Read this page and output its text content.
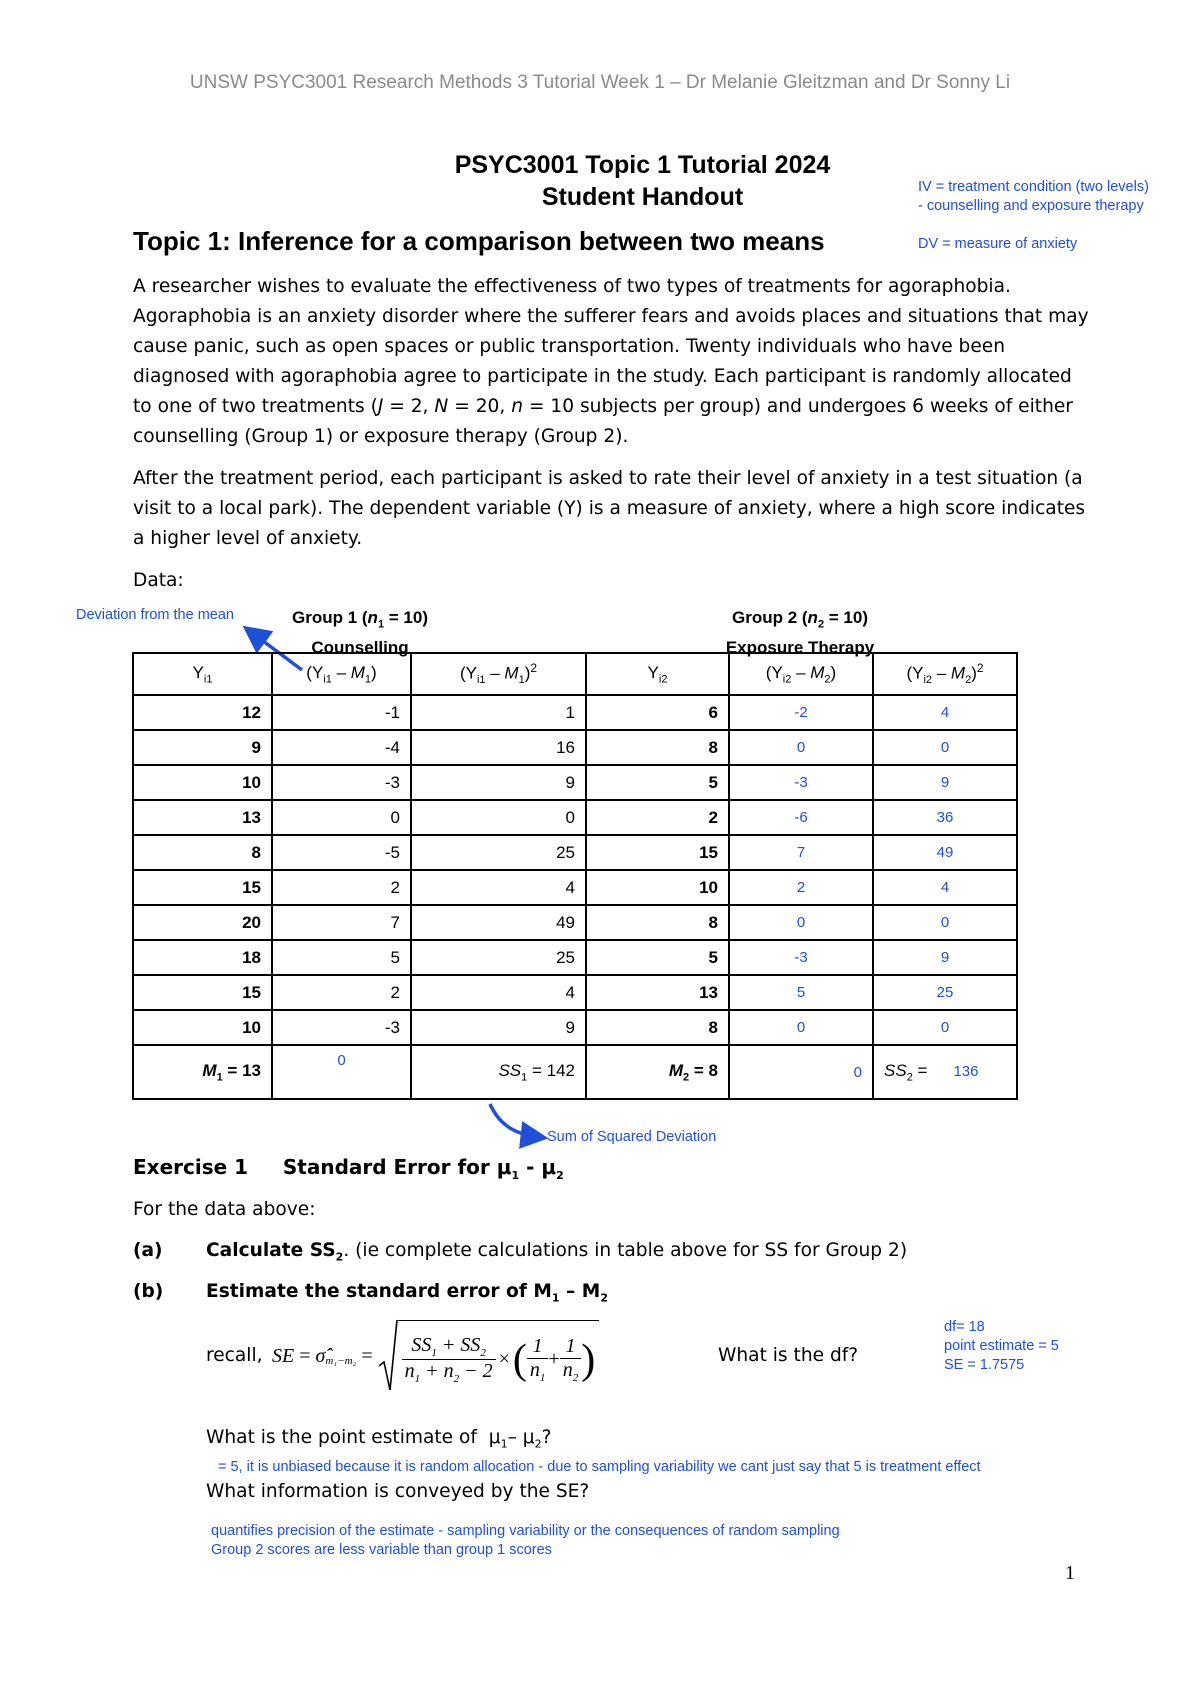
UNSW PSYC3001 Research Methods 3 Tutorial Week 1 – Dr Melanie Gleitzman and Dr Sonny Li
PSYC3001 Topic 1 Tutorial 2024
Student Handout	IV = treatment condition (two levels)
- counselling and exposure therapy
DV = measure of anxiety
Topic 1: Inference for a comparison between two means

A researcher wishes to evaluate the effectiveness of two types of treatments for agoraphobia. Agoraphobia is an anxiety disorder where the sufferer fears and avoids places and situations that may cause panic, such as open spaces or public transportation. Twenty individuals who have been diagnosed with agoraphobia agree to participate in the study. Each participant is randomly allocated to one of two treatments (J = 2, N = 20, n = 10 subjects per group) and undergoes 6 weeks of either counselling (Group 1) or exposure therapy (Group 2).

After the treatment period, each participant is asked to rate their level of anxiety in a test situation (a visit to a local park). The dependent variable (Y) is a measure of anxiety, where a high score indicates a higher level of anxiety.

Data:

Deviation from the mean	Group 1 $(n_1 = 10)$
Counselling
Group 2 $(n_2 = 10)$
Exposure Therapy
$Y_{i1}$	$(Y_{i1} - M_1)$	$(Y_{i1} - M_1)^2$	$Y_{i2}$	$(Y_{i2} - M_2)$	$(Y_{i2} - M_2)^2$
12	-1	1	6	-2	4
9	-4	16	8	0	0
10	-3	9	5	-3	9
13	0	0	2	-6	36
8	-5	25	15	7	49
15	2	4	10	2	4
20	7	49	8	0	0
18	5	25	5	-3	9
15	2	4	13	5	25
10	-3	9	8	0	0
$M_1 = 13$	0	$SS_1 = 142$	$M_2 = 8$	0	$SS_2 = 136$
Sum of Squared Deviation
Exercise 1     Standard Error for $\mu_1 - \mu_2$
For the data above:
(a) Calculate $SS_2$. (ie complete calculations in table above for SS for Group 2)
(b) Estimate the standard error of $M_1 - M_2$
recall, SE = $\sigmâ_{m_1-m_2} = \frac{SS_1 + SS_2}{n_1 + n_2 - 2}$ × ( $\frac{1}{n_1} + \frac{1}{n_2}$ )	What is the df?
df= 18
point estimate = 5
SE = 1.7575
What is the point estimate of  $\mu_1-$ $\mu_2$?
= 5, it is unbiased because it is random allocation - due to sampling variability we cant just say that 5 is treatment effect
What information is conveyed by the SE?
quantifies precision of the estimate - sampling variability or the consequences of random sampling
Group 2 scores are less variable than group 1 scores
1
